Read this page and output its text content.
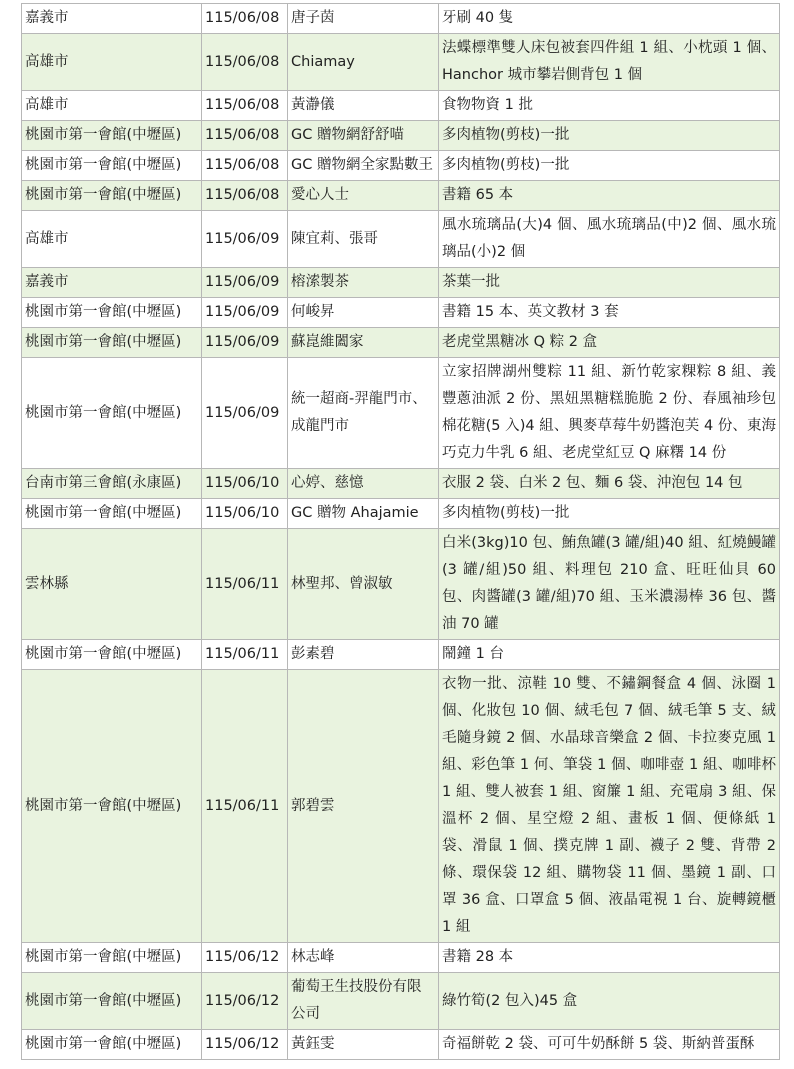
嘉義市	115/06/08	唐子茵	牙刷 40 隻
高雄市	115/06/08	Chiamay	法蝶標準雙人床包被套四件組 1 組、小枕頭 1 個、Hanchor 城市攀岩側背包 1 個
高雄市	115/06/08	黃瀞儀	食物物資 1 批
桃園市第一會館(中壢區)	115/06/08	GC 贈物網舒舒喵	多肉植物(剪枝)一批
桃園市第一會館(中壢區)	115/06/08	GC 贈物網全家點數王	多肉植物(剪枝)一批
桃園市第一會館(中壢區)	115/06/08	愛心人士	書籍 65 本
高雄市	115/06/09	陳宜莉、張哥	風水琉璃品(大)4 個、風水琉璃品(中)2 個、風水琉璃品(小)2 個
嘉義市	115/06/09	榕溹製茶	茶葉一批
桃園市第一會館(中壢區)	115/06/09	何峻昇	書籍 15 本、英文教材 3 套
桃園市第一會館(中壢區)	115/06/09	蘇崑維闔家	老虎堂黑糖冰 Q 粽 2 盒
桃園市第一會館(中壢區)	115/06/09	統一超商-羿龍門市、成龍門市	立家招牌湖州雙粽 11 組、新竹乾家粿粽 8 組、義豐蔥油派 2 份、黑妞黑糖糕脆脆 2 份、春風袖珍包棉花糖(5 入)4 組、興麥草莓牛奶醬泡芙 4 份、東海巧克力牛乳 6 組、老虎堂紅豆 Q 麻糬 14 份
台南市第三會館(永康區)	115/06/10	心婷、慈憶	衣服 2 袋、白米 2 包、麵 6 袋、沖泡包 14 包
桃園市第一會館(中壢區)	115/06/10	GC 贈物 Ahajamie	多肉植物(剪枝)一批
雲林縣	115/06/11	林聖邦、曾淑敏	白米(3kg)10 包、鮪魚罐(3 罐/組)40 組、紅燒鰻罐(3 罐/組)50 組、料理包 210 盒、旺旺仙貝 60 包、肉醬罐(3 罐/組)70 組、玉米濃湯棒 36 包、醬油 70 罐
桃園市第一會館(中壢區)	115/06/11	彭素碧	鬧鐘 1 台
桃園市第一會館(中壢區)	115/06/11	郭碧雲	衣物一批、涼鞋 10 雙、不鏽鋼餐盒 4 個、泳圈 1 個、化妝包 10 個、絨毛包 7 個、絨毛筆 5 支、絨毛隨身鏡 2 個、水晶球音樂盒 2 個、卡拉麥克風 1 組、彩色筆 1 何、筆袋 1 個、咖啡壺 1 組、咖啡杯 1 組、雙人被套 1 組、窗簾 1 組、充電扇 3 組、保溫杯 2 個、星空燈 2 組、畫板 1 個、便條紙 1 袋、滑鼠 1 個、撲克牌 1 副、襪子 2 雙、背帶 2 條、環保袋 12 組、購物袋 11 個、墨鏡 1 副、口罩 36 盒、口罩盒 5 個、液晶電視 1 台、旋轉鏡櫃 1 組
桃園市第一會館(中壢區)	115/06/12	林志峰	書籍 28 本
桃園市第一會館(中壢區)	115/06/12	葡萄王生技股份有限公司	綠竹筍(2 包入)45 盒
桃園市第一會館(中壢區)	115/06/12	黃鈺雯	奇福餅乾 2 袋、可可牛奶酥餅 5 袋、斯納普蛋酥
